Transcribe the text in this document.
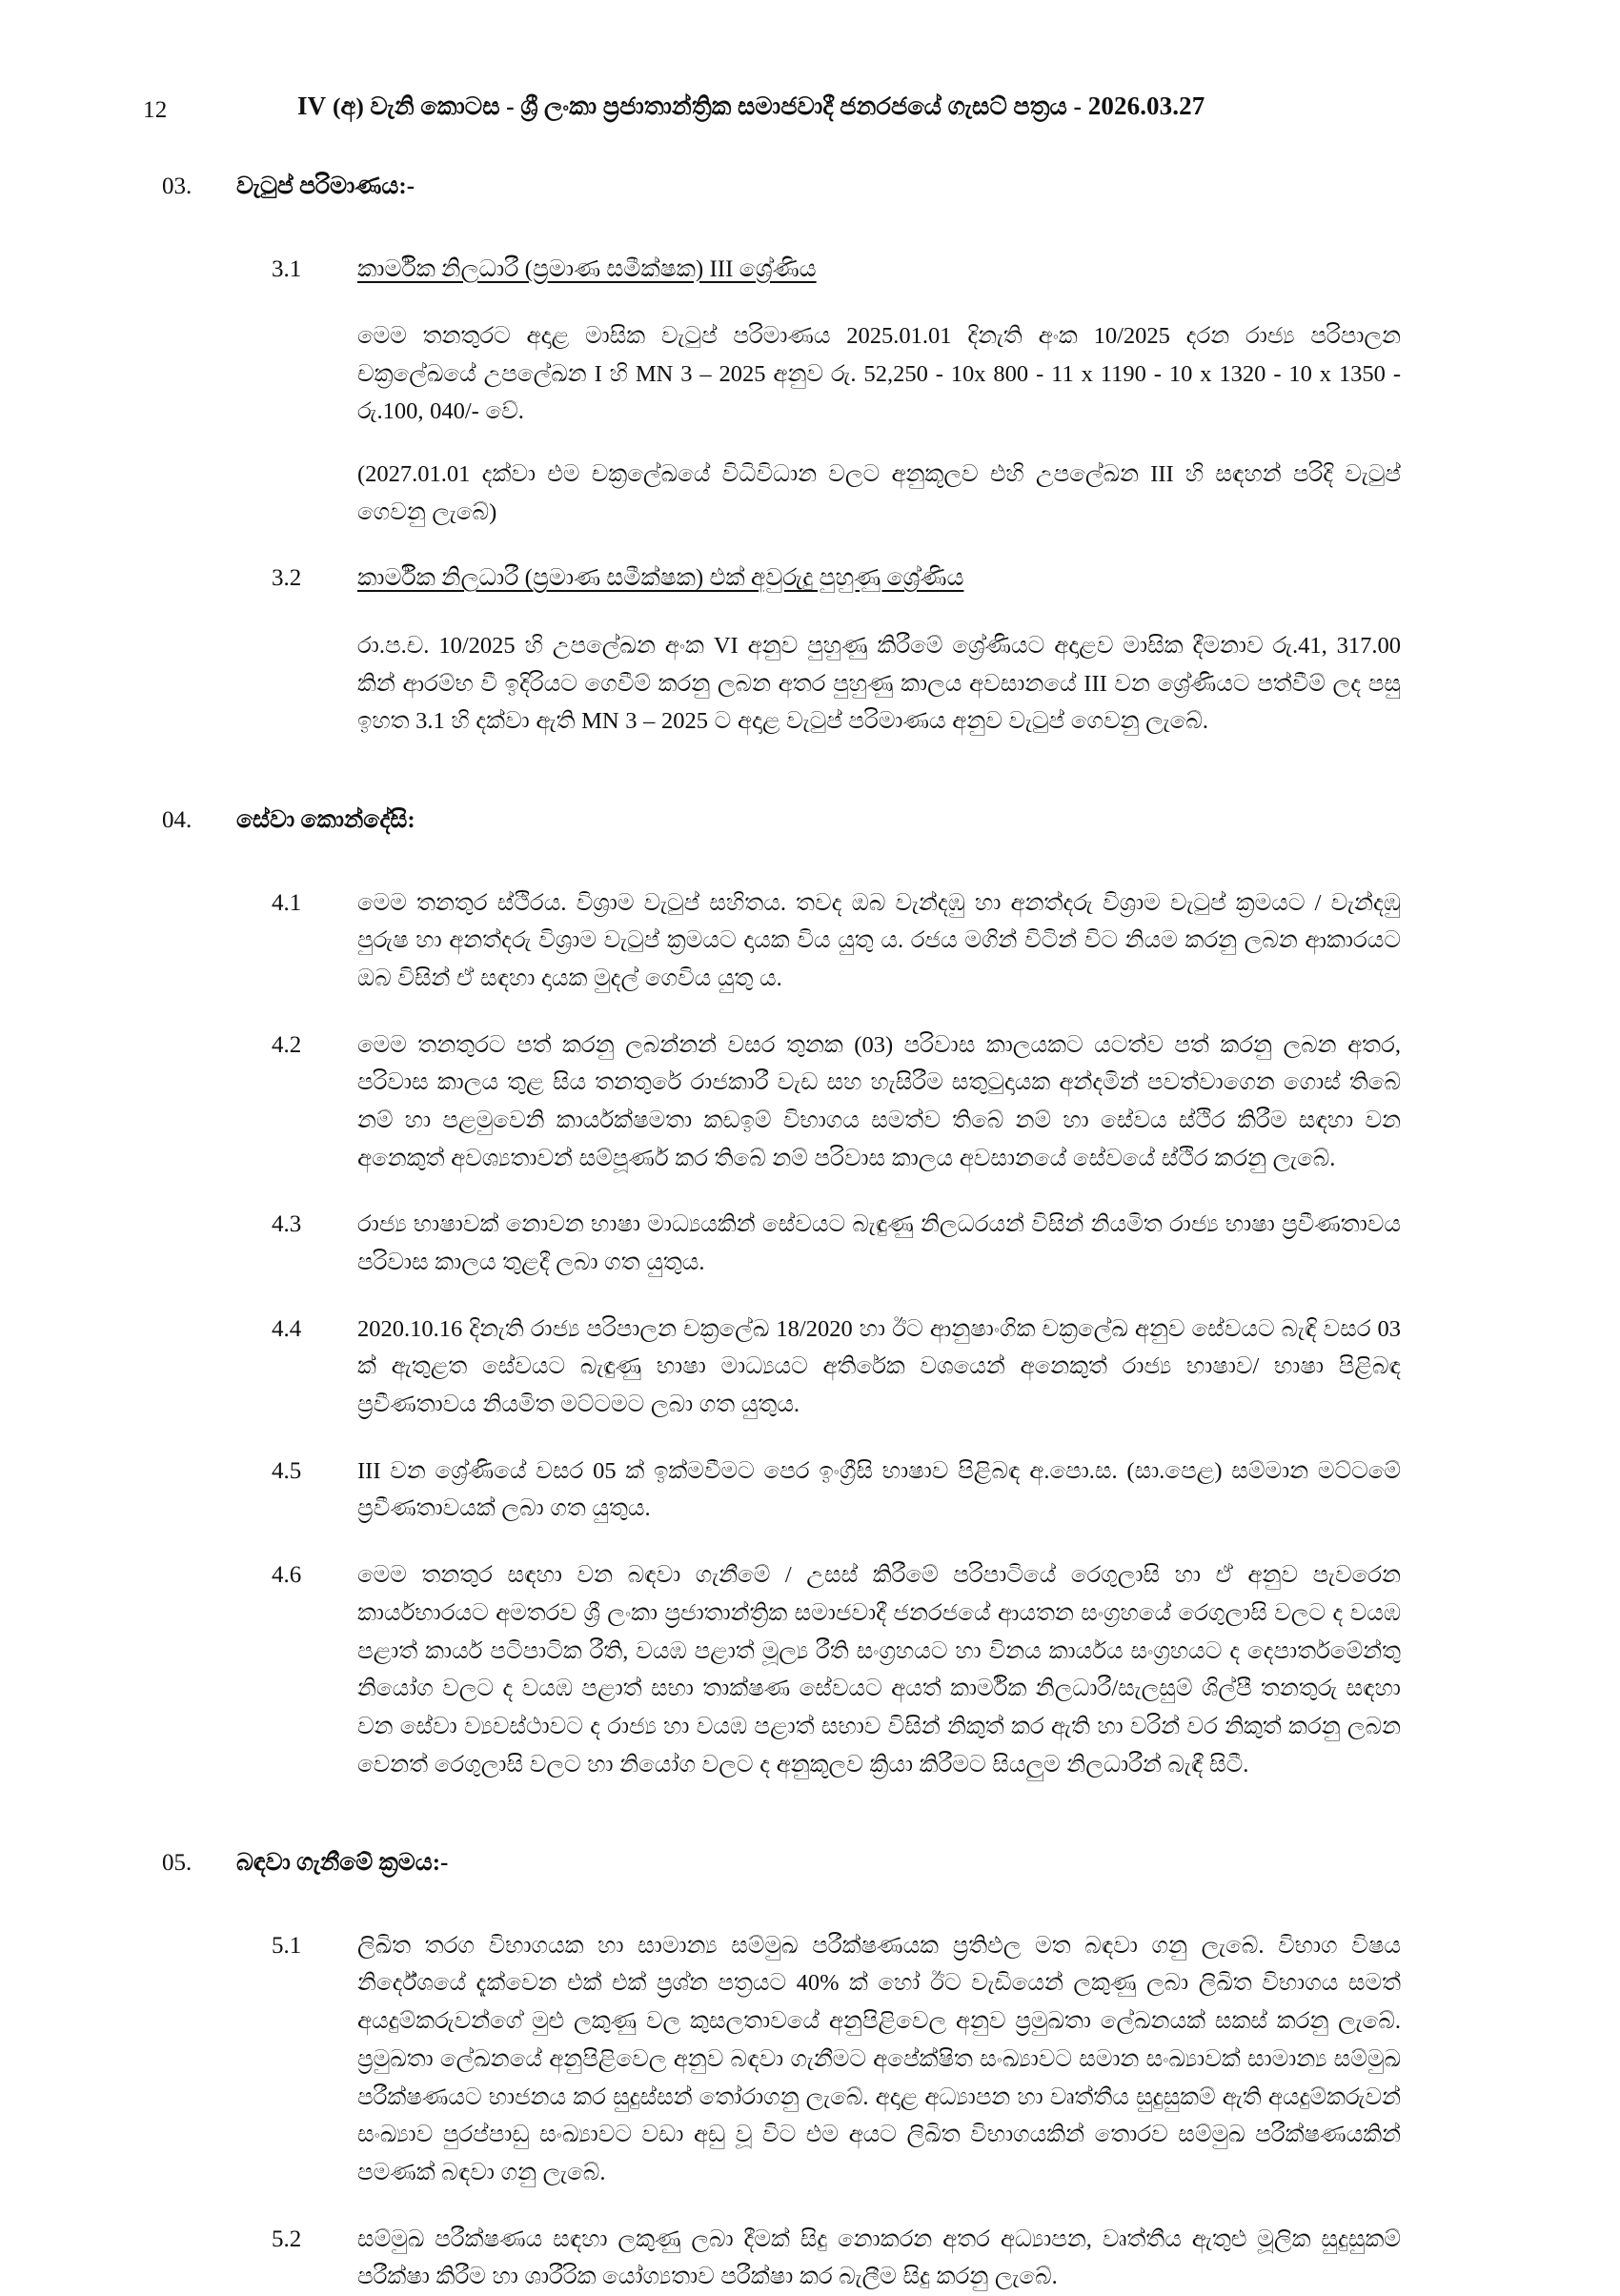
12	IV (අ) වැනි කොටස - ශ්‍රී ලංකා ප්‍රජාතාන්ත්‍රික සමාජවාදී ජනරජයේ ගැසට් පත්‍රය - 2026.03.27
03.	වැටුප් පරිමාණය:-
3.1	කාර්මික නිලධාරී (ප්‍රමාණ සමීක්ෂක) III ශ්‍රේණිය

මෙම තනතුරට අදාළ මාසික වැටුප් පරිමාණය 2025.01.01 දිනැති අංක 10/2025 දරන රාජ්‍ය පරිපාලන චක්‍රලේඛයේ උපලේඛන I හි MN 3 – 2025 අනුව රු. 52,250 - 10x 800 - 11 x 1190 - 10 x 1320 - 10 x 1350 - රු.100, 040/- වේ.

(2027.01.01 දක්වා එම චක්‍රලේඛයේ විධිවිධාන වලට අනුකූලව එහි උපලේඛන III හි සඳහන් පරිදි වැටුප් ගෙවනු ලැබේ)

3.2	කාර්මික නිලධාරී (ප්‍රමාණ සමීක්ෂක) එක් අවුරුදු පුහුණු ශ්‍රේණිය

රා.ප.ච. 10/2025 හි උපලේඛන අංක VI අනුව පුහුණු කිරීමේ ශ්‍රේණියට අදාළව මාසික දීමනාව රු.41, 317.00 කින් ආරම්භ වී ඉදිරියට ගෙවීම් කරනු ලබන අතර පුහුණු කාලය අවසානයේ III වන ශ්‍රේණියට පත්වීම් ලද පසු ඉහත 3.1 හි දක්වා ඇති MN 3 – 2025 ට අදාළ වැටුප් පරිමාණය අනුව වැටුප් ගෙවනු ලැබේ.

04.	සේවා කොන්දේසි:
4.1	මෙම තනතුර ස්ථිරය. විශ්‍රාම වැටුප් සහිතය. තවද ඔබ වැන්දඹු හා අනත්දරු විශ්‍රාම වැටුප් ක්‍රමයට / වැන්දඹු පුරුෂ හා අනත්දරු විශ්‍රාම වැටුප් ක්‍රමයට දායක විය යුතු ය. රජය මගින් විටින් විට නියම කරනු ලබන ආකාරයට ඔබ විසින් ඒ සඳහා දායක මුදල් ගෙවිය යුතු ය.
4.2	මෙම තනතුරට පත් කරනු ලබන්නන් වසර තුනක (03) පරිවාස කාලයකට යටත්ව පත් කරනු ලබන අතර, පරිවාස කාලය තුළ සිය තනතුරේ රාජකාරී වැඩ සහ හැසිරීම සතුටුදායක අන්දමින් පවත්වාගෙන ගොස් තිබේ නම් හා පළමුවෙනි කාර්යක්ෂමතා කඩඉම් විභාගය සමත්ව තිබේ නම් හා සේවය ස්ථිර කිරීම සඳහා වන අනෙකුත් අවශ්‍යතාවන් සම්පූර්ණ කර තිබේ නම් පරිවාස කාලය අවසානයේ සේවයේ ස්ථිර කරනු ලැබේ.
4.3	රාජ්‍ය භාෂාවක් නොවන භාෂා මාධ්‍යයකින් සේවයට බැඳුණු නිලධරයන් විසින් නියමිත රාජ්‍ය භාෂා ප්‍රවීණතාවය පරිවාස කාලය තුළදී ලබා ගත යුතුය.
4.4	2020.10.16 දිනැති රාජ්‍ය පරිපාලන චක්‍රලේඛ 18/2020 හා ඊට ආනුෂාංගික චක්‍රලේඛ අනුව සේවයට බැඳි වසර 03 ක් ඇතුළත සේවයට බැඳුණු භාෂා මාධ්‍යයට අතිරේක වශයෙන් අනෙකුත් රාජ්‍ය භාෂාව/ භාෂා පිළිබඳ ප්‍රවීණතාවය නියමිත මට්ටමට ලබා ගත යුතුය.
4.5	III වන ශ්‍රේණියේ වසර 05 ක් ඉක්මවීමට පෙර ඉංග්‍රීසි භාෂාව පිළිබඳ අ.පො.ස. (සා.පෙළ) සම්මාන මට්ටමේ ප්‍රවීණතාවයක් ලබා ගත යුතුය.
4.6	මෙම තනතුර සඳහා වන බඳවා ගැනීමේ / උසස් කිරීමේ පරිපාටියේ රෙගුලාසි හා ඒ අනුව පැවරෙන කාර්යභාරයට අමතරව ශ්‍රී ලංකා ප්‍රජාතාන්ත්‍රික සමාජවාදී ජනරජයේ ආයතන සංග්‍රහයේ රෙගුලාසි වලට ද වයඹ පළාත් කාර්ය පටිපාටික රීති, වයඹ පළාත් මූල්‍ය රීති සංග්‍රහයට හා විනය කාර්යය සංග්‍රහයට ද දෙපාර්තමේන්තු නියෝග වලට ද වයඹ පළාත් සභා තාක්ෂණ සේවයට අයත් කාර්මික නිලධාරී/සැලසුම් ශිල්පී තනතුරු සඳහා වන සේවා ව්‍යවස්ථාවට ද රාජ්‍ය හා වයඹ පළාත් සභාව විසින් නිකුත් කර ඇති හා වරින් වර නිකුත් කරනු ලබන වෙනත් රෙගුලාසි වලට හා නියෝග වලට ද අනුකූලව ක්‍රියා කිරීමට සියලුම නිලධාරීන් බැඳී සිටී.
05.	බඳවා ගැනීමේ ක්‍රමය:-
5.1	ලිඛිත තරග විභාගයක හා සාමාන්‍ය සම්මුඛ පරීක්ෂණයක ප්‍රතිඵල මත බඳවා ගනු ලැබේ. විභාග විෂය නිර්දේශයේ දැක්වෙන එක් එක් ප්‍රශ්න පත්‍රයට 40% ක් හෝ ඊට වැඩියෙන් ලකුණු ලබා ලිඛිත විභාගය සමත් අයදුම්කරුවන්ගේ මුළු ලකුණු වල කුසලතාවයේ අනුපිළිවෙල අනුව ප්‍රමුඛතා ලේඛනයක් සකස් කරනු ලැබේ. ප්‍රමුඛතා ලේඛනයේ අනුපිළිවෙල අනුව බඳවා ගැනීමට අපේක්ෂිත සංඛ්‍යාවට සමාන සංඛ්‍යාවක් සාමාන්‍ය සම්මුඛ පරීක්ෂණයට භාජනය කර සුදුස්සන් තෝරාගනු ලැබේ. අදාළ අධ්‍යාපන හා වෘත්තීය සුදුසුකම් ඇති අයදුම්කරුවන් සංඛ්‍යාව පුරප්පාඩු සංඛ්‍යාවට වඩා අඩු වූ විට එම අයට ලිඛිත විභාගයකින් තොරව සම්මුඛ පරීක්ෂණයකින් පමණක් බඳවා ගනු ලැබේ.
5.2	සම්මුඛ පරීක්ෂණය සඳහා ලකුණු ලබා දීමක් සිදු නොකරන අතර අධ්‍යාපන, වෘත්තීය ඇතුළු මූලික සුදුසුකම් පරීක්ෂා කිරීම හා ශාරීරික යෝග්‍යතාව පරීක්ෂා කර බැලීම සිදු කරනු ලැබේ.
